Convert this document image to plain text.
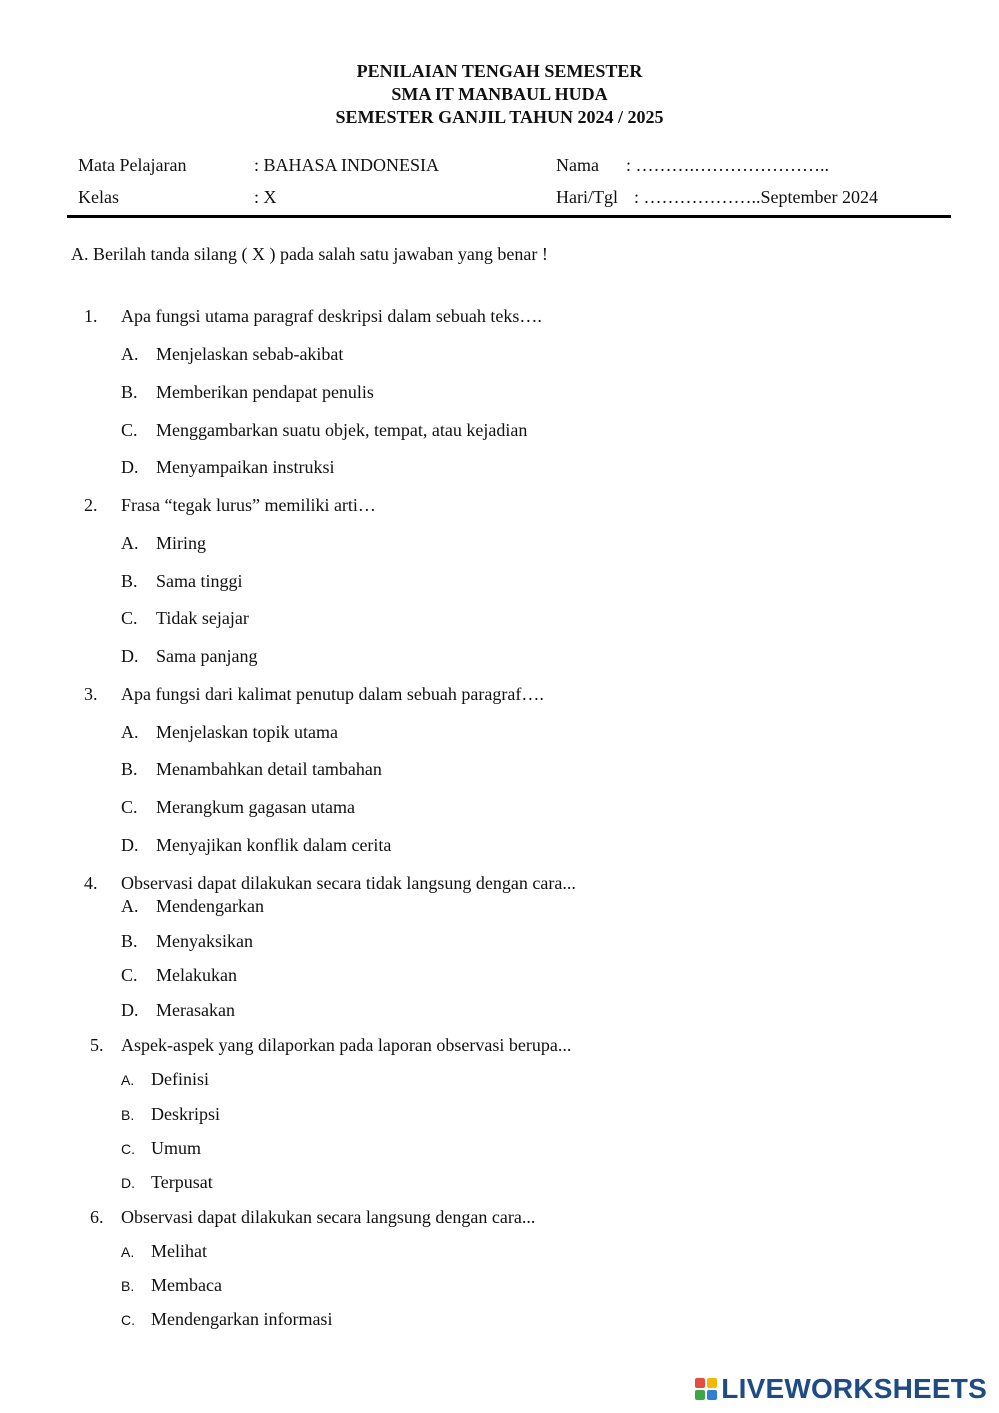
PENILAIAN TENGAH SEMESTER
SMA IT MANBAUL HUDA
SEMESTER GANJIL TAHUN 2024 / 2025
Mata Pelajaran	: BAHASA INDONESIA	Nama : ……….…………………..
Kelas	: X	Hari/Tgl : ………………..September 2024
A. Berilah tanda silang ( X ) pada salah satu jawaban yang benar !
1. Apa fungsi utama paragraf deskripsi dalam sebuah teks….
A. Menjelaskan sebab-akibat
B. Memberikan pendapat penulis
C. Menggambarkan suatu objek, tempat, atau kejadian
D. Menyampaikan instruksi
2. Frasa “tegak lurus” memiliki arti…
A. Miring
B. Sama tinggi
C. Tidak sejajar
D. Sama panjang
3. Apa fungsi dari kalimat penutup dalam sebuah paragraf….
A. Menjelaskan topik utama
B. Menambahkan detail tambahan
C. Merangkum gagasan utama
D. Menyajikan konflik dalam cerita
4. Observasi dapat dilakukan secara tidak langsung dengan cara...
A. Mendengarkan
B. Menyaksikan
C. Melakukan
D. Merasakan
5. Aspek-aspek yang dilaporkan pada laporan observasi berupa...
A. Definisi
B. Deskripsi
C. Umum
D. Terpusat
6. Observasi dapat dilakukan secara langsung dengan cara...
A. Melihat
B. Membaca
C. Mendengarkan informasi
LIVEWORKSHEETS
